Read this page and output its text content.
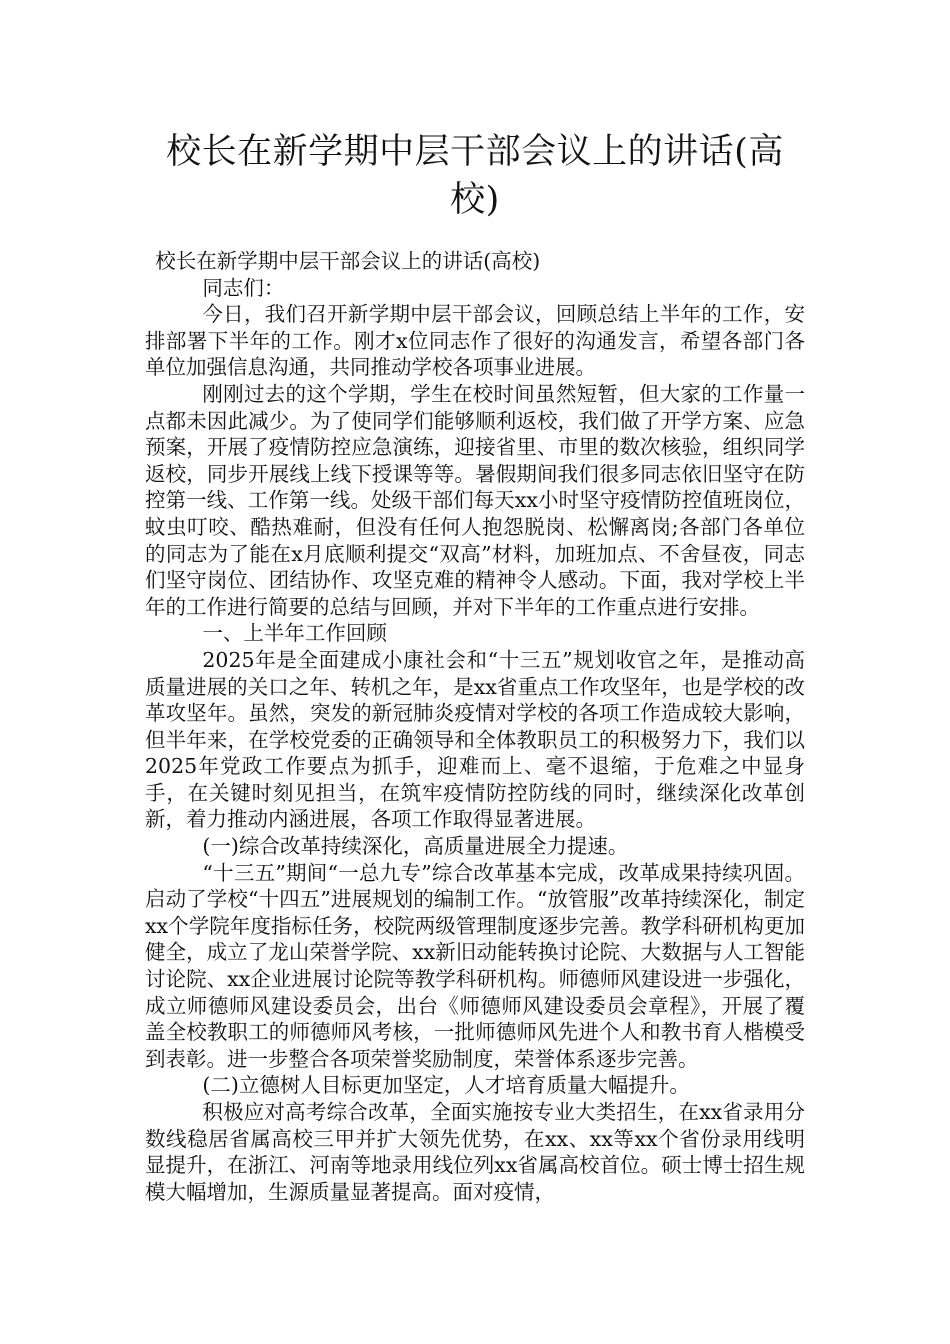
校长在新学期中层干部会议上的讲话(高校)

校长在新学期中层干部会议上的讲话(高校)

同志们：

今日，我们召开新学期中层干部会议，回顾总结上半年的工作，安排部署下半年的工作。刚才x位同志作了很好的沟通发言，希望各部门各单位加强信息沟通，共同推动学校各项事业进展。

刚刚过去的这个学期，学生在校时间虽然短暂，但大家的工作量一点都未因此减少。为了使同学们能够顺利返校，我们做了开学方案、应急预案，开展了疫情防控应急演练，迎接省里、市里的数次核验，组织同学返校，同步开展线上线下授课等等。暑假期间我们很多同志依旧坚守在防控第一线、工作第一线。处级干部们每天xx小时坚守疫情防控值班岗位，蚊虫叮咬、酷热难耐，但没有任何人抱怨脱岗、松懈离岗;各部门各单位的同志为了能在x月底顺利提交“双高”材料，加班加点、不舍昼夜，同志们坚守岗位、团结协作、攻坚克难的精神令人感动。下面，我对学校上半年的工作进行简要的总结与回顾，并对下半年的工作重点进行安排。

一、上半年工作回顾

2025年是全面建成小康社会和“十三五”规划收官之年，是推动高质量进展的关口之年、转机之年，是xx省重点工作攻坚年，也是学校的改革攻坚年。虽然，突发的新冠肺炎疫情对学校的各项工作造成较大影响，但半年来，在学校党委的正确领导和全体教职员工的积极努力下，我们以2025年党政工作要点为抓手，迎难而上、毫不退缩，于危难之中显身手，在关键时刻见担当，在筑牢疫情防控防线的同时，继续深化改革创新，着力推动内涵进展，各项工作取得显著进展。

(一)综合改革持续深化，高质量进展全力提速。

“十三五”期间“一总九专”综合改革基本完成，改革成果持续巩固。启动了学校“十四五”进展规划的编制工作。“放管服”改革持续深化，制定xx个学院年度指标任务，校院两级管理制度逐步完善。教学科研机构更加健全，成立了龙山荣誉学院、xx新旧动能转换讨论院、大数据与人工智能讨论院、xx企业进展讨论院等教学科研机构。师德师风建设进一步强化，成立师德师风建设委员会，出台《师德师风建设委员会章程》，开展了覆盖全校教职工的师德师风考核，一批师德师风先进个人和教书育人楷模受到表彰。进一步整合各项荣誉奖励制度，荣誉体系逐步完善。

(二)立德树人目标更加坚定，人才培育质量大幅提升。

积极应对高考综合改革，全面实施按专业大类招生，在xx省录用分数线稳居省属高校三甲并扩大领先优势，在xx、xx等xx个省份录用线明显提升，在浙江、河南等地录用线位列xx省属高校首位。硕士博士招生规模大幅增加，生源质量显著提高。面对疫情，
